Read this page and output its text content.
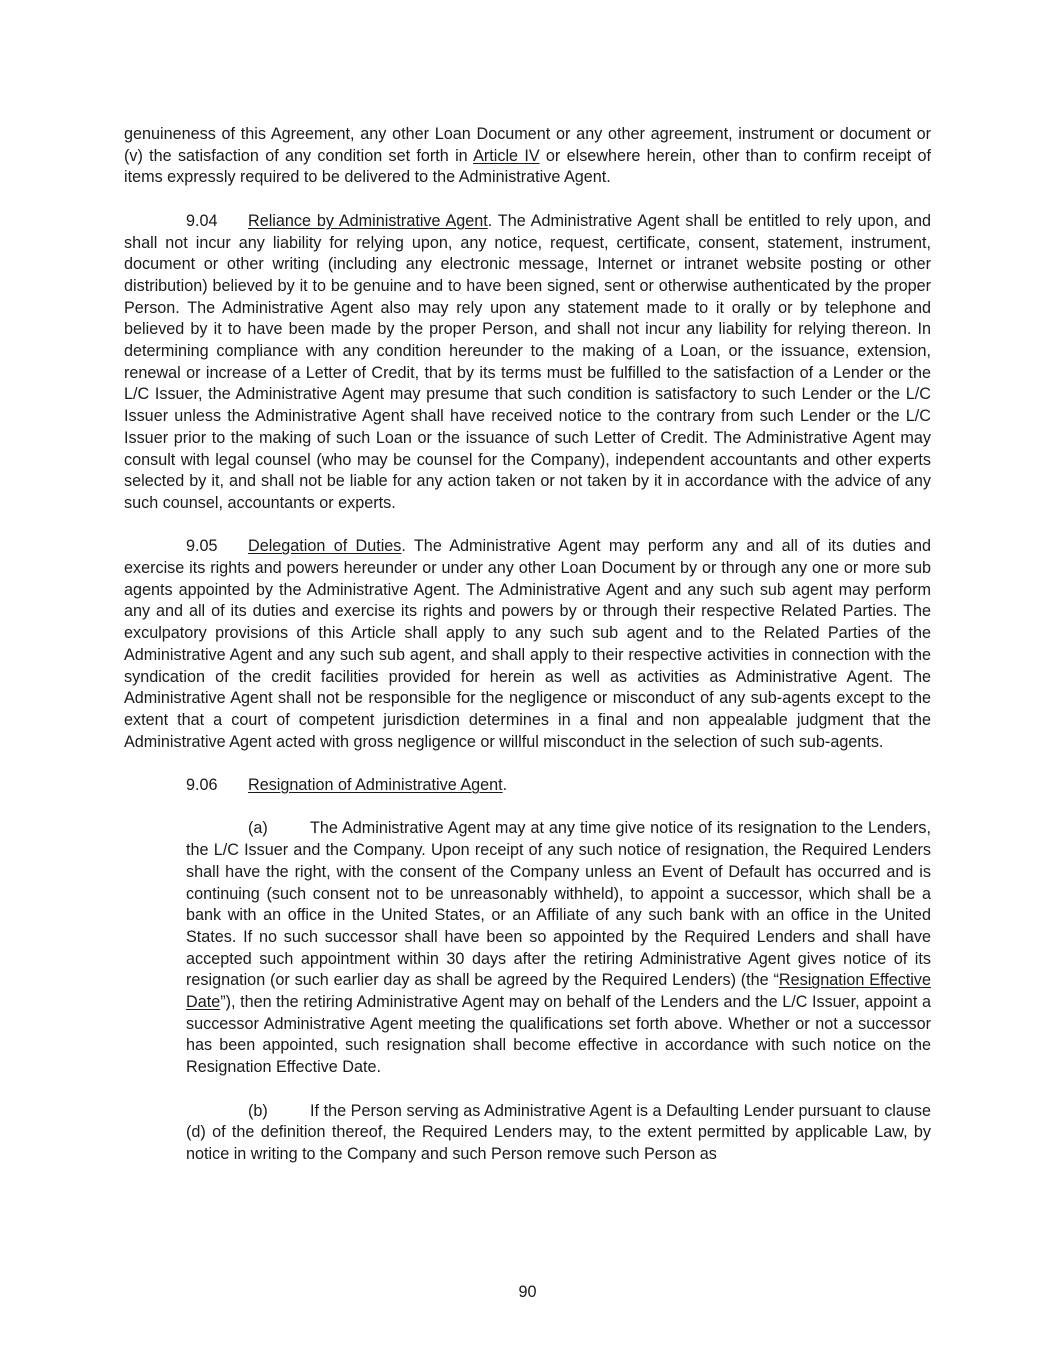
genuineness of this Agreement, any other Loan Document or any other agreement, instrument or document or (v) the satisfaction of any condition set forth in Article IV or elsewhere herein, other than to confirm receipt of items expressly required to be delivered to the Administrative Agent.

9.04 Reliance by Administrative Agent. The Administrative Agent shall be entitled to rely upon, and shall not incur any liability for relying upon, any notice, request, certificate, consent, statement, instrument, document or other writing (including any electronic message, Internet or intranet website posting or other distribution) believed by it to be genuine and to have been signed, sent or otherwise authenticated by the proper Person. The Administrative Agent also may rely upon any statement made to it orally or by telephone and believed by it to have been made by the proper Person, and shall not incur any liability for relying thereon. In determining compliance with any condition hereunder to the making of a Loan, or the issuance, extension, renewal or increase of a Letter of Credit, that by its terms must be fulfilled to the satisfaction of a Lender or the L/C Issuer, the Administrative Agent may presume that such condition is satisfactory to such Lender or the L/C Issuer unless the Administrative Agent shall have received notice to the contrary from such Lender or the L/C Issuer prior to the making of such Loan or the issuance of such Letter of Credit. The Administrative Agent may consult with legal counsel (who may be counsel for the Company), independent accountants and other experts selected by it, and shall not be liable for any action taken or not taken by it in accordance with the advice of any such counsel, accountants or experts.

9.05 Delegation of Duties. The Administrative Agent may perform any and all of its duties and exercise its rights and powers hereunder or under any other Loan Document by or through any one or more sub agents appointed by the Administrative Agent. The Administrative Agent and any such sub agent may perform any and all of its duties and exercise its rights and powers by or through their respective Related Parties. The exculpatory provisions of this Article shall apply to any such sub agent and to the Related Parties of the Administrative Agent and any such sub agent, and shall apply to their respective activities in connection with the syndication of the credit facilities provided for herein as well as activities as Administrative Agent. The Administrative Agent shall not be responsible for the negligence or misconduct of any sub-agents except to the extent that a court of competent jurisdiction determines in a final and non appealable judgment that the Administrative Agent acted with gross negligence or willful misconduct in the selection of such sub-agents.

9.06 Resignation of Administrative Agent.

(a)	The Administrative Agent may at any time give notice of its resignation to the Lenders, the L/C Issuer and the Company. Upon receipt of any such notice of resignation, the Required Lenders shall have the right, with the consent of the Company unless an Event of Default has occurred and is continuing (such consent not to be unreasonably withheld), to appoint a successor, which shall be a bank with an office in the United States, or an Affiliate of any such bank with an office in the United States. If no such successor shall have been so appointed by the Required Lenders and shall have accepted such appointment within 30 days after the retiring Administrative Agent gives notice of its resignation (or such earlier day as shall be agreed by the Required Lenders) (the “Resignation Effective Date”), then the retiring Administrative Agent may on behalf of the Lenders and the L/C Issuer, appoint a successor Administrative Agent meeting the qualifications set forth above. Whether or not a successor has been appointed, such resignation shall become effective in accordance with such notice on the Resignation Effective Date.

(b)	If the Person serving as Administrative Agent is a Defaulting Lender pursuant to clause (d) of the definition thereof, the Required Lenders may, to the extent permitted by applicable Law, by notice in writing to the Company and such Person remove such Person as

90
